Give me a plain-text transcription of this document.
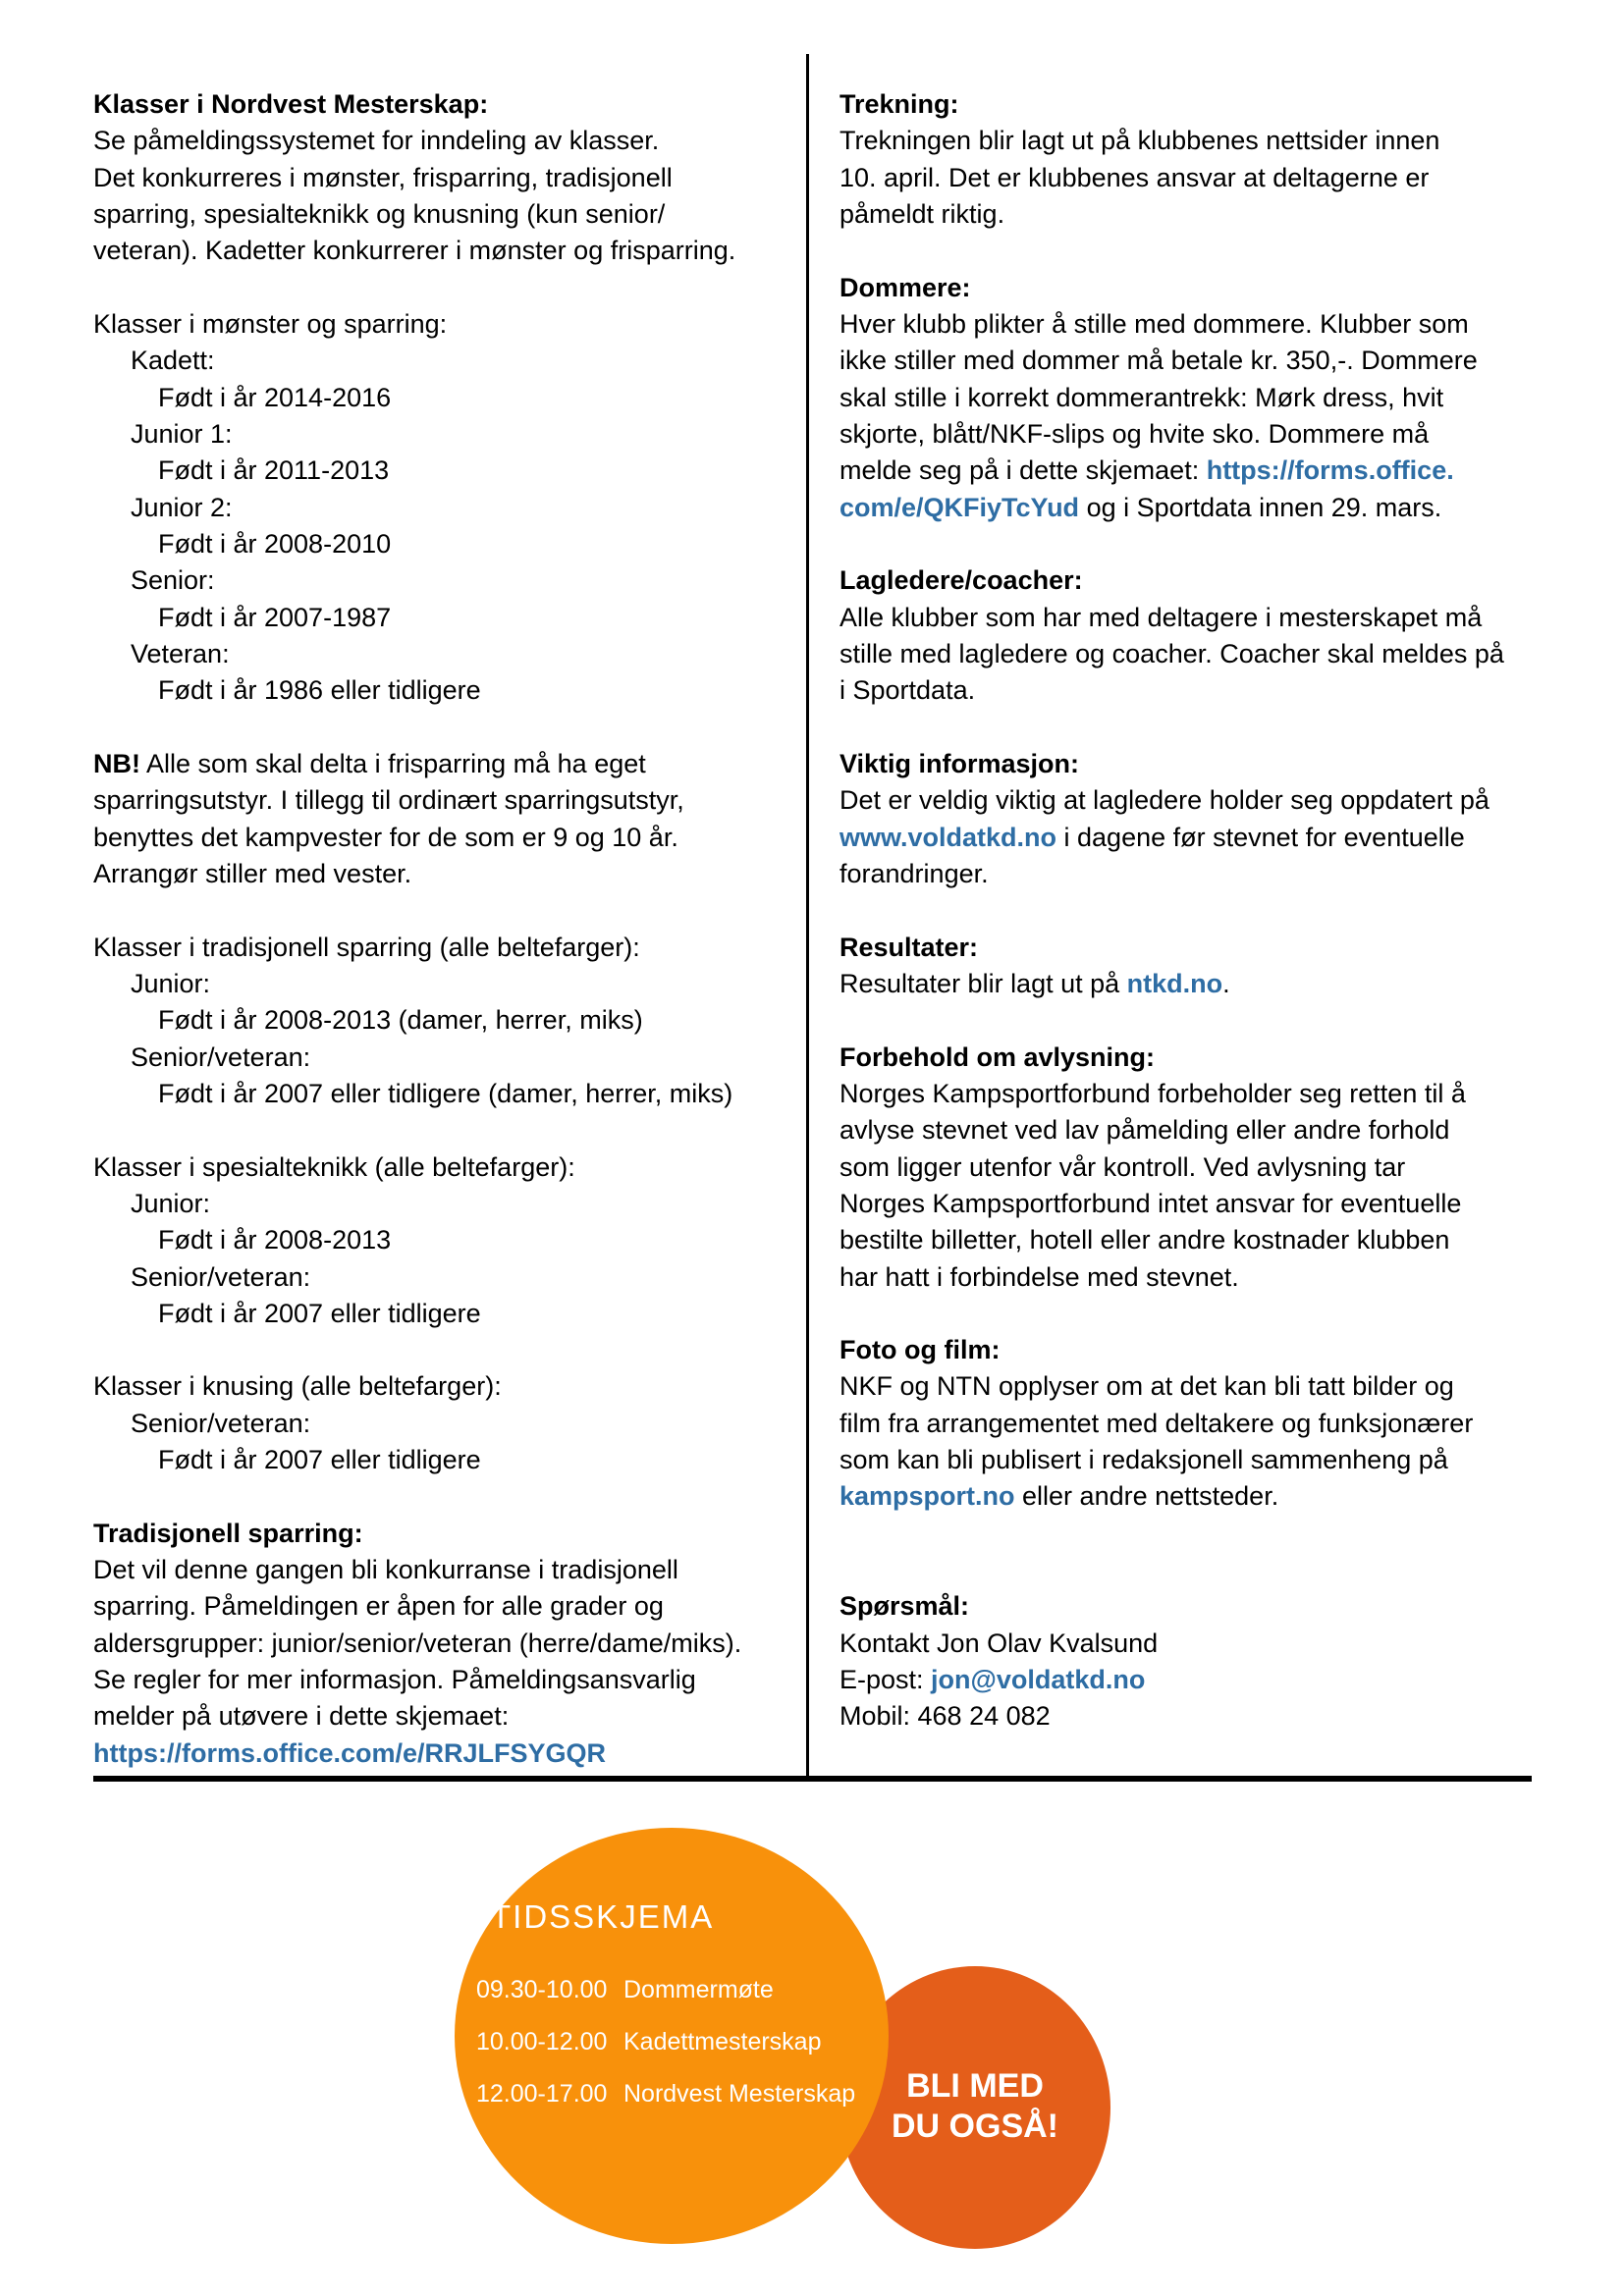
Klasser i Nordvest Mesterskap:
Se påmeldingssystemet for inndeling av klasser.
Det konkurreres i mønster, frisparring, tradisjonell
sparring, spesialteknikk og knusning (kun senior/
veteran). Kadetter konkurrerer i mønster og frisparring.
Klasser i mønster og sparring:
Kadett:
Født i år 2014-2016
Junior 1:
Født i år 2011-2013
Junior 2:
Født i år 2008-2010
Senior:
Født i år 2007-1987
Veteran:
Født i år 1986 eller tidligere
NB! Alle som skal delta i frisparring må ha eget
sparringsutstyr. I tillegg til ordinært sparringsutstyr,
benyttes det kampvester for de som er 9 og 10 år.
Arrangør stiller med vester.
Klasser i tradisjonell sparring (alle beltefarger):
Junior:
Født i år 2008-2013 (damer, herrer, miks)
Senior/veteran:
Født i år 2007 eller tidligere (damer, herrer, miks)
Klasser i spesialteknikk (alle beltefarger):
Junior:
Født i år 2008-2013
Senior/veteran:
Født i år 2007 eller tidligere
Klasser i knusing (alle beltefarger):
Senior/veteran:
Født i år 2007 eller tidligere
Tradisjonell sparring:
Det vil denne gangen bli konkurranse i tradisjonell
sparring. Påmeldingen er åpen for alle grader og
aldersgrupper: junior/senior/veteran (herre/dame/miks).
Se regler for mer informasjon. Påmeldingsansvarlig
melder på utøvere i dette skjemaet:
https://forms.office.com/e/RRJLFSYGQR
Trekning:
Trekningen blir lagt ut på klubbenes nettsider innen
10. april. Det er klubbenes ansvar at deltagerne er
påmeldt riktig.
Dommere:
Hver klubb plikter å stille med dommere. Klubber som
ikke stiller med dommer må betale kr. 350,-. Dommere
skal stille i korrekt dommerantrekk: Mørk dress, hvit
skjorte, blått/NKF-slips og hvite sko. Dommere må
melde seg på i dette skjemaet: https://forms.office.
com/e/QKFiyTcYud og i Sportdata innen 29. mars.
Lagledere/coacher:
Alle klubber som har med deltagere i mesterskapet må
stille med lagledere og coacher. Coacher skal meldes på
i Sportdata.
Viktig informasjon:
Det er veldig viktig at lagledere holder seg oppdatert på
www.voldatkd.no i dagene før stevnet for eventuelle
forandringer.
Resultater:
Resultater blir lagt ut på ntkd.no.
Forbehold om avlysning:
Norges Kampsportforbund forbeholder seg retten til å
avlyse stevnet ved lav påmelding eller andre forhold
som ligger utenfor vår kontroll. Ved avlysning tar
Norges Kampsportforbund intet ansvar for eventuelle
bestilte billetter, hotell eller andre kostnader klubben
har hatt i forbindelse med stevnet.
Foto og film:
NKF og NTN opplyser om at det kan bli tatt bilder og
film fra arrangementet med deltakere og funksjonærer
som kan bli publisert i redaksjonell sammenheng på
kampsport.no eller andre nettsteder.
Spørsmål:
Kontakt Jon Olav Kvalsund
E-post: jon@voldatkd.no
Mobil: 468 24 082
TIDSSKJEMA
09.30-10.00 Dommermøte
10.00-12.00 Kadettmesterskap
12.00-17.00 Nordvest Mesterskap	BLI MED
DU OGSÅ!
